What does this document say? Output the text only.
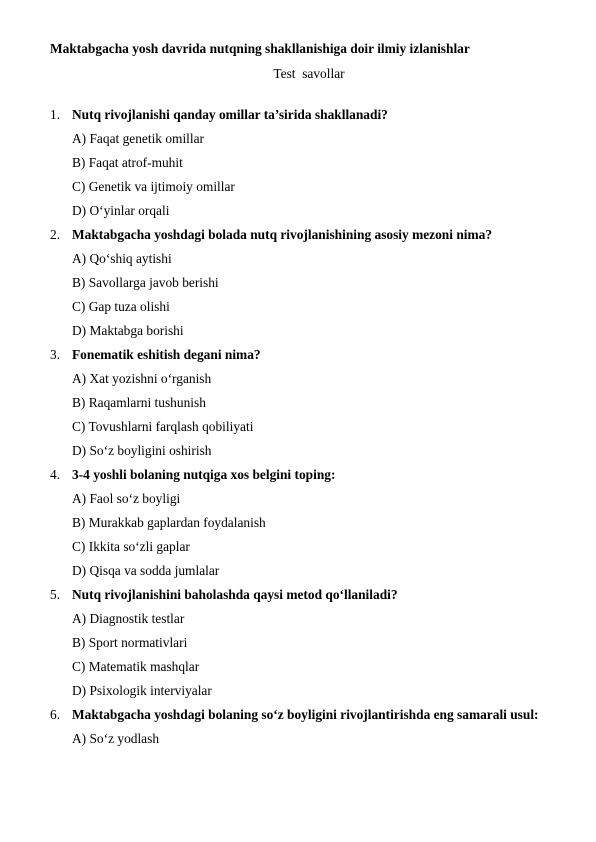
Maktabgacha yosh davrida nutqning shakllanishiga doir ilmiy izlanishlar
Test  savollar
1. Nutq rivojlanishi qanday omillar ta’sirida shakllanadi?
A) Faqat genetik omillar
B) Faqat atrof-muhit
C) Genetik va ijtimoiy omillar
D) O‘yinlar orqali
2. Maktabgacha yoshdagi bolada nutq rivojlanishining asosiy mezoni nima?
A) Qo‘shiq aytishi
B) Savollarga javob berishi
C) Gap tuza olishi
D) Maktabga borishi
3. Fonematik eshitish degani nima?
A) Xat yozishni o‘rganish
B) Raqamlarni tushunish
C) Tovushlarni farqlash qobiliyati
D) So‘z boyligini oshirish
4. 3-4 yoshli bolaning nutqiga xos belgini toping:
A) Faol so‘z boyligi
B) Murakkab gaplardan foydalanish
C) Ikkita so‘zli gaplar
D) Qisqa va sodda jumlalar
5. Nutq rivojlanishini baholashda qaysi metod qo‘llaniladi?
A) Diagnostik testlar
B) Sport normativlari
C) Matematik mashqlar
D) Psixologik interviyalar
6. Maktabgacha yoshdagi bolaning so‘z boyligini rivojlantirishda eng samarali usul:
A) So‘z yodlash
